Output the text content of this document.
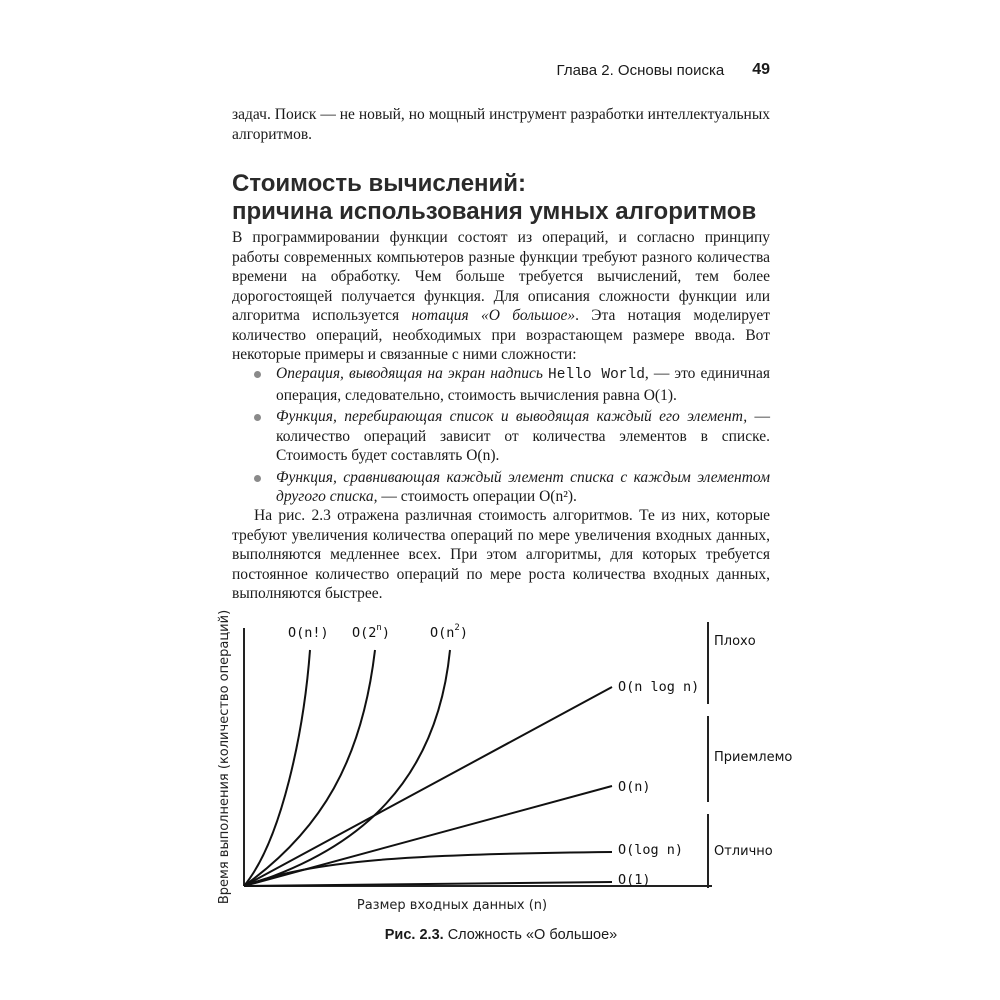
Глава 2. Основы поиска 49
задач. Поиск — не новый, но мощный инструмент разработки интеллектуальных алгоритмов.
Стоимость вычислений:
причина использования умных алгоритмов
В программировании функции состоят из операций, и согласно принципу работы современных компьютеров разные функции требуют разного количества времени на обработку. Чем больше требуется вычислений, тем более дорогостоящей получается функция. Для описания сложности функции или алгоритма используется нотация «О большое». Эта нотация моделирует количество операций, необходимых при возрастающем размере ввода. Вот некоторые примеры и связанные с ними сложности:
Операция, выводящая на экран надпись Hello World, — это единичная операция, следовательно, стоимость вычисления равна O(1).
Функция, перебирающая список и выводящая каждый его элемент, — количество операций зависит от количества элементов в списке. Стоимость будет составлять O(n).
Функция, сравнивающая каждый элемент списка с каждым элементом другого списка, — стоимость операции O(n²).
На рис. 2.3 отражена различная стоимость алгоритмов. Те из них, которые требуют увеличения количества операций по мере увеличения входных данных, выполняются медленнее всех. При этом алгоритмы, для которых требуется постоянное количество операций по мере роста количества входных данных, выполняются быстрее.
Время выполнения (количество операций)
Размер входных данных (n)
O(n!) O(2$^n$)	$O(n^2)$
O(n log n)
O(n)
O(log n)
O(1)
Плохо
Приемлемо
Отлично
Рис. 2.3. Сложность «О большое»
